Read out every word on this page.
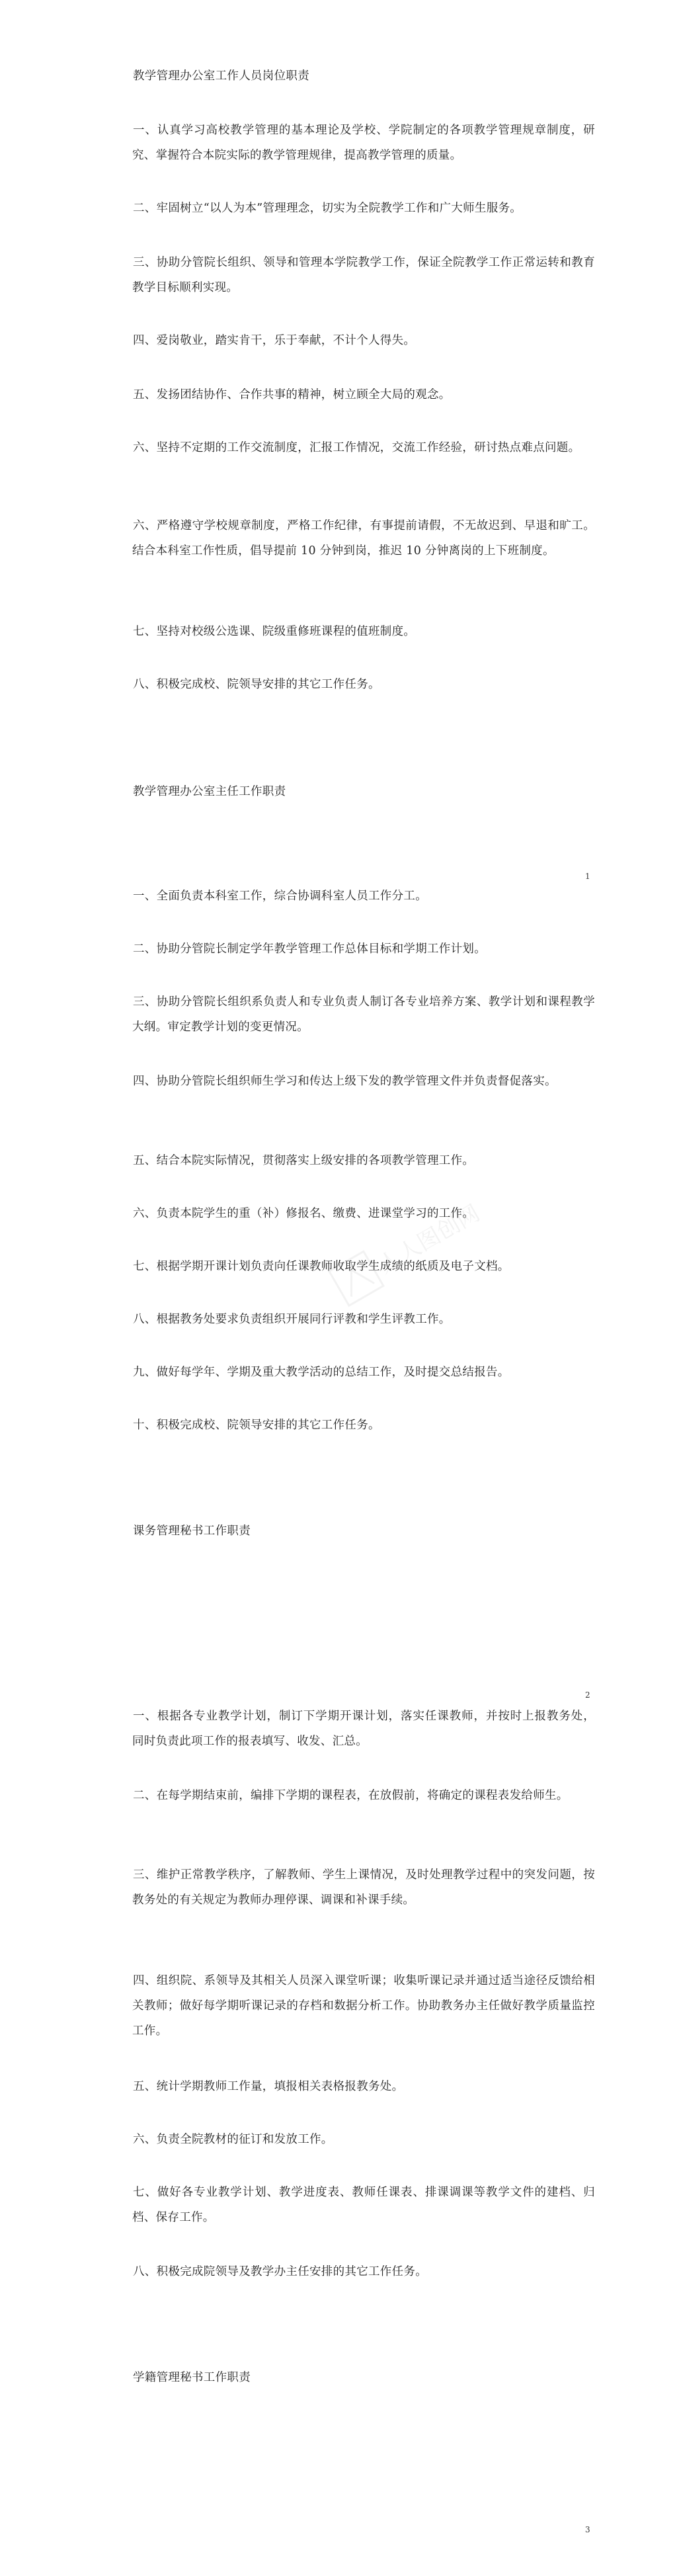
教学管理办公室工作人员岗位职责

一、认真学习高校教学管理的基本理论及学校、学院制定的各项教学管理规章制度，研究、掌握符合本院实际的教学管理规律，提高教学管理的质量。

二、牢固树立“以人为本”管理理念，切实为全院教学工作和广大师生服务。

三、协助分管院长组织、领导和管理本学院教学工作，保证全院教学工作正常运转和教育教学目标顺利实现。

四、爱岗敬业，踏实肯干，乐于奉献，不计个人得失。

五、发扬团结协作、合作共事的精神，树立顾全大局的观念。

六、坚持不定期的工作交流制度，汇报工作情况，交流工作经验，研讨热点难点问题。

六、严格遵守学校规章制度，严格工作纪律，有事提前请假，不无故迟到、早退和旷工。结合本科室工作性质，倡导提前 10 分钟到岗，推迟 10 分钟离岗的上下班制度。

七、坚持对校级公选课、院级重修班课程的值班制度。

八、积极完成校、院领导安排的其它工作任务。

教学管理办公室主任工作职责

1

一、全面负责本科室工作，综合协调科室人员工作分工。

二、协助分管院长制定学年教学管理工作总体目标和学期工作计划。

三、协助分管院长组织系负责人和专业负责人制订各专业培养方案、教学计划和课程教学大纲。审定教学计划的变更情况。

四、协助分管院长组织师生学习和传达上级下发的教学管理文件并负责督促落实。

五、结合本院实际情况，贯彻落实上级安排的各项教学管理工作。

六、负责本院学生的重（补）修报名、缴费、进课堂学习的工作。

七、根据学期开课计划负责向任课教师收取学生成绩的纸质及电子文档。

八、根据教务处要求负责组织开展同行评教和学生评教工作。

九、做好每学年、学期及重大教学活动的总结工作，及时提交总结报告。

十、积极完成校、院领导安排的其它工作任务。

人人图创网

课务管理秘书工作职责

2

一、根据各专业教学计划，制订下学期开课计划，落实任课教师，并按时上报教务处， 同时负责此项工作的报表填写、收发、汇总。

二、在每学期结束前，编排下学期的课程表，在放假前，将确定的课程表发给师生。

三、维护正常教学秩序，了解教师、学生上课情况，及时处理教学过程中的突发问题，按教务处的有关规定为教师办理停课、调课和补课手续。

四、组织院、系领导及其相关人员深入课堂听课；收集听课记录并通过适当途径反馈给相关教师；做好每学期听课记录的存档和数据分析工作。协助教务办主任做好教学质量监控工作。

五、统计学期教师工作量，填报相关表格报教务处。

六、负责全院教材的征订和发放工作。

七、做好各专业教学计划、教学进度表、教师任课表、排课调课等教学文件的建档、归档、保存工作。

八、积极完成院领导及教学办主任安排的其它工作任务。

学籍管理秘书工作职责

3
